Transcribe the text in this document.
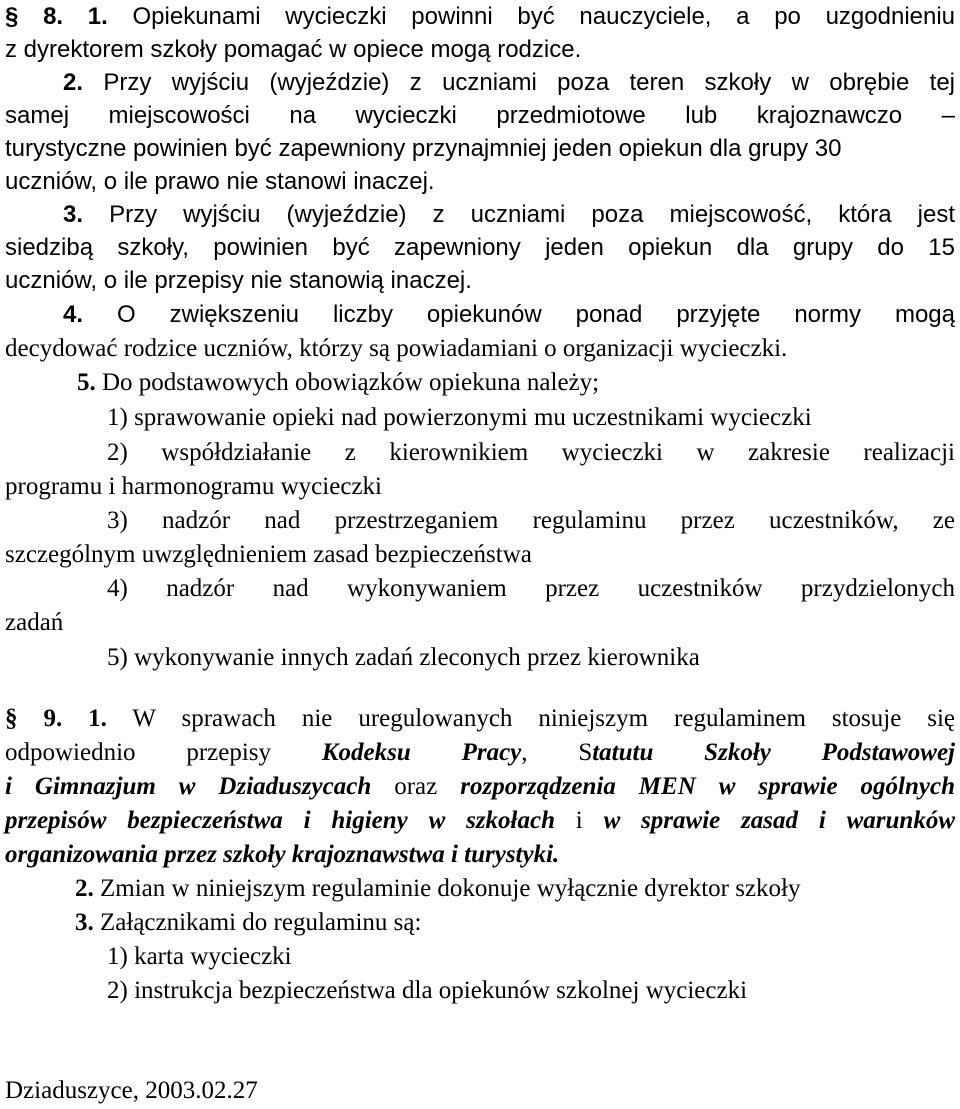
§ 8. 1. Opiekunami wycieczki powinni być nauczyciele, a po uzgodnieniu
z dyrektorem szkoły pomagać w opiece mogą rodzice.
2. Przy wyjściu (wyjeździe) z uczniami poza teren szkoły w obrębie tej
samej miejscowości na wycieczki przedmiotowe lub krajoznawczo –
turystyczne powinien być zapewniony przynajmniej jeden opiekun dla grupy 30
uczniów, o ile prawo nie stanowi inaczej.
3. Przy wyjściu (wyjeździe) z uczniami poza miejscowość, która jest
siedzibą szkoły, powinien być zapewniony jeden opiekun dla grupy do 15
uczniów, o ile przepisy nie stanowią inaczej.
4. O zwiększeniu liczby opiekunów ponad przyjęte normy mogą
decydować rodzice uczniów, którzy są powiadamiani o organizacji wycieczki.
5. Do podstawowych obowiązków opiekuna należy;
1) sprawowanie opieki nad powierzonymi mu uczestnikami wycieczki
2) współdziałanie z kierownikiem wycieczki w zakresie realizacji
programu i harmonogramu wycieczki
3) nadzór nad przestrzeganiem regulaminu przez uczestników, ze
szczególnym uwzględnieniem zasad bezpieczeństwa
4) nadzór nad wykonywaniem przez uczestników przydzielonych
zadań
5) wykonywanie innych zadań zleconych przez kierownika
§ 9. 1. W sprawach nie uregulowanych niniejszym regulaminem stosuje się
odpowiednio przepisy Kodeksu Pracy, Statutu Szkoły Podstawowej
i Gimnazjum w Dziaduszycach oraz rozporządzenia MEN w sprawie ogólnych
przepisów bezpieczeństwa i higieny w szkołach i w sprawie zasad i warunków
organizowania przez szkoły krajoznawstwa i turystyki.
2. Zmian w niniejszym regulaminie dokonuje wyłącznie dyrektor szkoły
3. Załącznikami do regulaminu są:
1) karta wycieczki
2) instrukcja bezpieczeństwa dla opiekunów szkolnej wycieczki
Dziaduszyce, 2003.02.27
